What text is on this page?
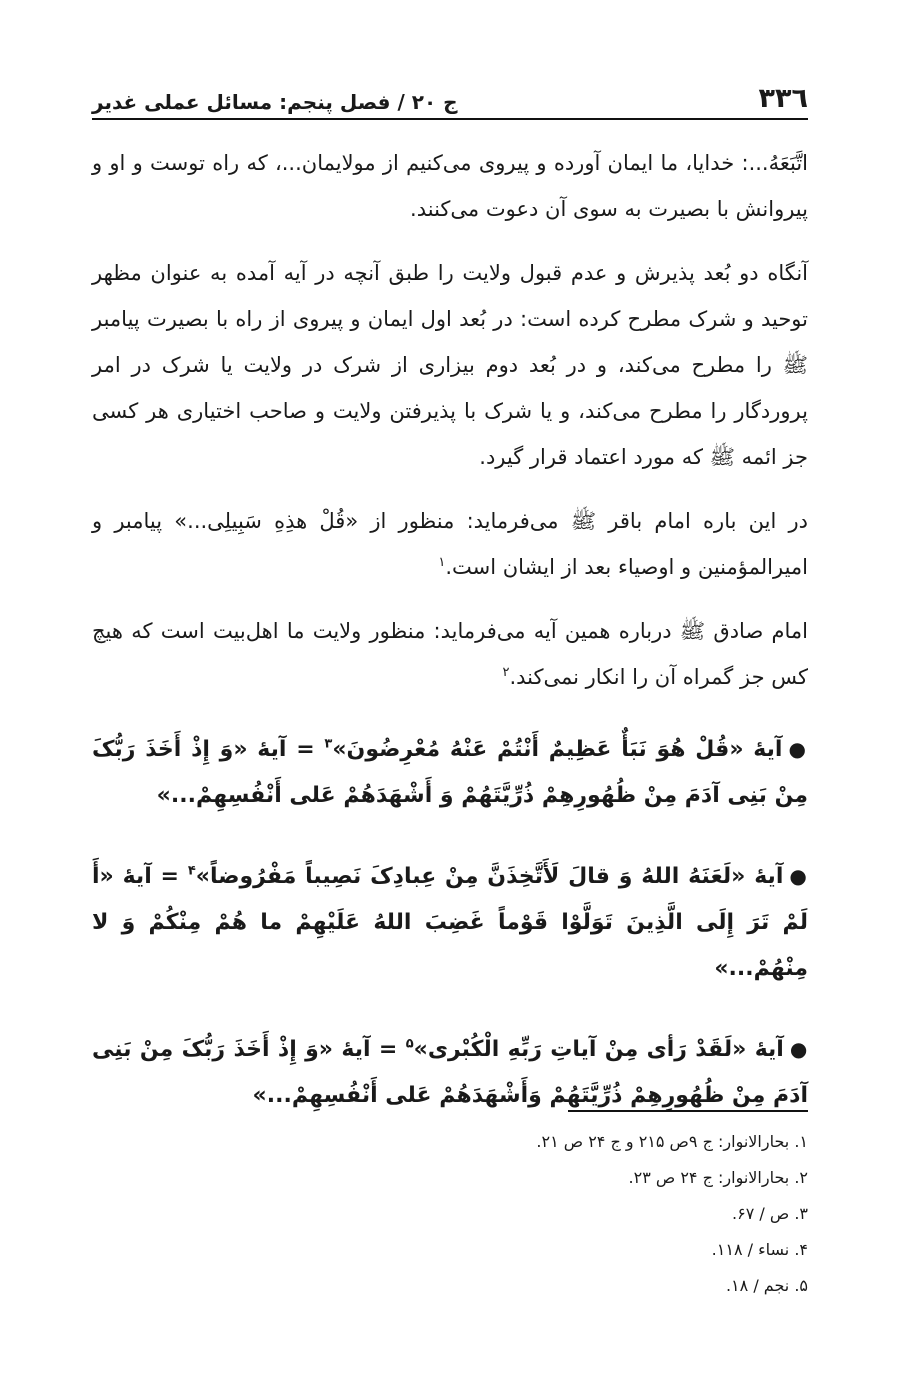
۳۳٦
ج ۲۰ / فصل پنجم: مسائل عملی غدیر

اتَّبَعَهُ...: خدایا، ما ایمان آورده و پیروی می‌کنیم از مولایمان...، که راه توست و او و پیروانش با بصیرت به سوی آن دعوت می‌کنند.

آنگاه دو بُعد پذیرش و عدم قبول ولایت را طبق آنچه در آیه آمده به عنوان مظهر توحید و شرک مطرح کرده است: در بُعد اول ایمان و پیروی از راه با بصیرت پیامبر ﷺ را مطرح می‌کند، و در بُعد دوم بیزاری از شرک در ولایت یا شرک در امر پروردگار را مطرح می‌کند، و یا شرک با پذیرفتن ولایت و صاحب اختیاری هر کسی جز ائمه ﷺ که مورد اعتماد قرار گیرد.

در این باره امام باقر ﷺ می‌فرماید: منظور از «قُلْ هذِهِ سَبِیلِی...» پیامبر و امیرالمؤمنین و اوصیاء بعد از ایشان است.$^۱$

امام صادق ﷺ درباره همین آیه می‌فرماید: منظور ولایت ما اهل‌بیت است که هیچ کس جز گمراه آن را انکار نمی‌کند.$^۲$

●آیهٔ «قُلْ هُوَ نَبَأٌ عَظِیمٌ أَنْتُمْ عَنْهُ مُعْرِضُونَ»$^۳$ = آیهٔ «وَ إِذْ أَخَذَ رَبُّکَ مِنْ بَنِی آدَمَ مِنْ ظُهُورِهِمْ ذُرِّیَّتَهُمْ وَ أَشْهَدَهُمْ عَلی أَنْفُسِهِمْ...»

●آیهٔ «لَعَنَهُ اللهُ وَ قالَ لَأَتَّخِذَنَّ مِنْ عِبادِکَ نَصِیباً مَفْرُوضاً»$^۴$ = آیهٔ «أَ لَمْ تَرَ إِلَی الَّذِینَ تَوَلَّوْا قَوْماً غَضِبَ اللهُ عَلَیْهِمْ ما هُمْ مِنْکُمْ وَ لا مِنْهُمْ...»

●آیهٔ «لَقَدْ رَأی مِنْ آیاتِ رَبِّهِ الْکُبْری»$^۵$ = آیهٔ «وَ إِذْ أَخَذَ رَبُّکَ مِنْ بَنِی آدَمَ مِنْ ظُهُورِهِمْ ذُرِّیَّتَهُمْ وَأَشْهَدَهُمْ عَلی أَنْفُسِهِمْ...»

۱. بحارالانوار: ج ۹ص ۲۱۵ و ج ۲۴ ص ۲۱.

۲. بحارالانوار: ج ۲۴ ص ۲۳.

۳. ص / ۶۷.

۴. نساء / ۱۱۸.

۵. نجم / ۱۸.
